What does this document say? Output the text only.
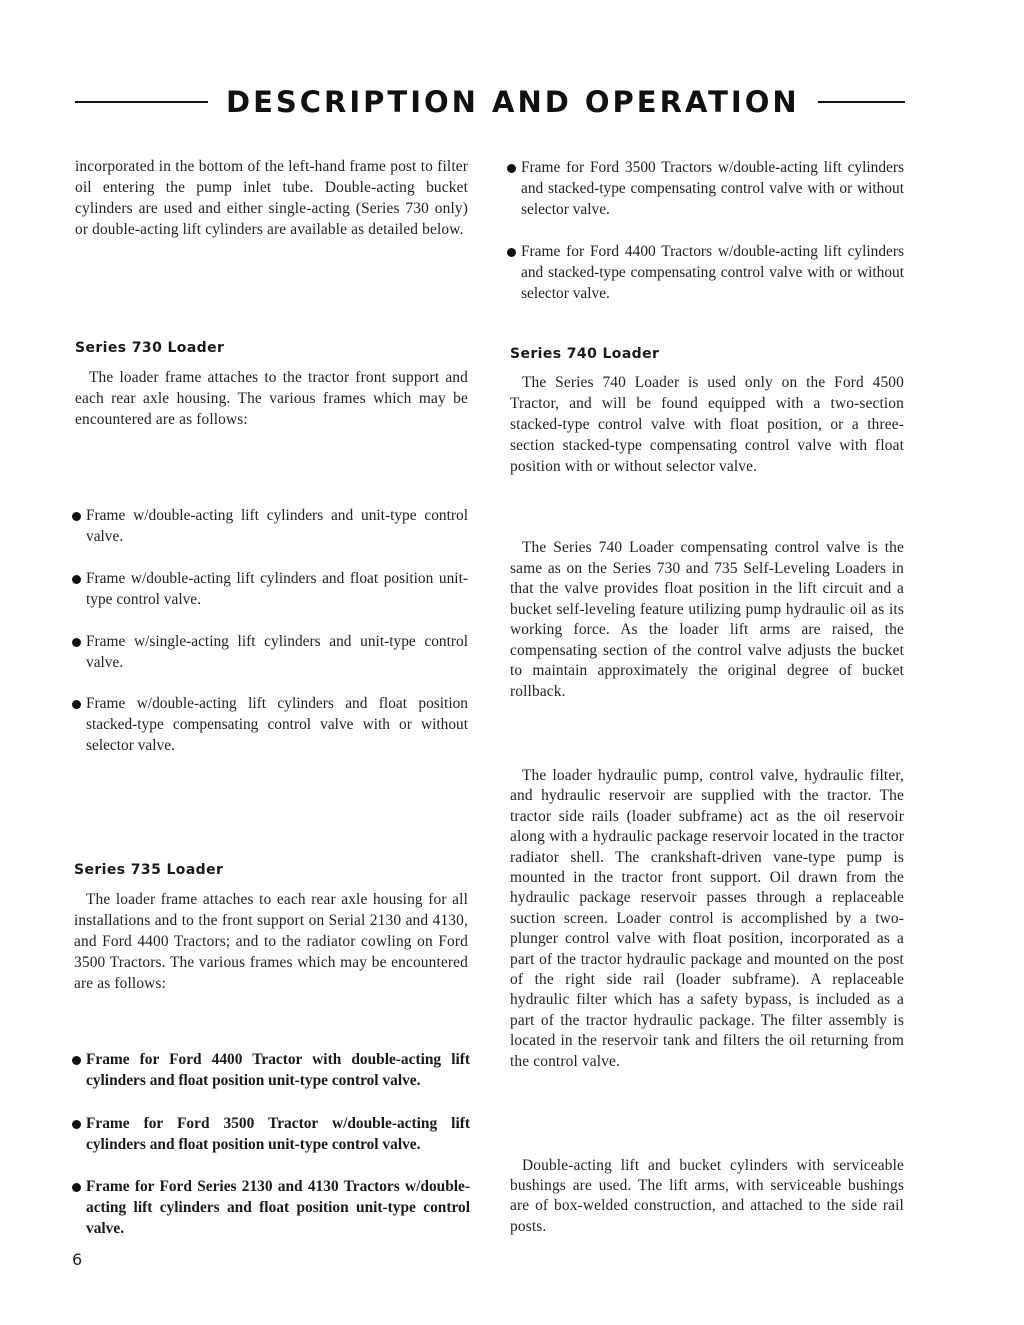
DESCRIPTION AND OPERATION
incorporated in the bottom of the left-hand frame post to filter oil entering the pump inlet tube. Double-acting bucket cylinders are used and either single-acting (Series 730 only) or double-acting lift cylinders are available as detailed below.
Series 730 Loader
The loader frame attaches to the tractor front support and each rear axle housing. The various frames which may be encountered are as follows:
Frame w/double-acting lift cylinders and unit-type control valve.
Frame w/double-acting lift cylinders and float position unit-type control valve.
Frame w/single-acting lift cylinders and unit-type control valve.
Frame w/double-acting lift cylinders and float position stacked-type compensating control valve with or without selector valve.
Series 735 Loader
The loader frame attaches to each rear axle housing for all installations and to the front support on Serial 2130 and 4130, and Ford 4400 Tractors; and to the radiator cowling on Ford 3500 Tractors. The various frames which may be encountered are as follows:
Frame for Ford 4400 Tractor with double-acting lift cylinders and float position unit-type control valve.
Frame for Ford 3500 Tractor w/double-acting lift cylinders and float position unit-type control valve.
Frame for Ford Series 2130 and 4130 Tractors w/double-acting lift cylinders and float position unit-type control valve.
Frame for Ford 3500 Tractors w/double-acting lift cylinders and stacked-type compensating control valve with or without selector valve.
Frame for Ford 4400 Tractors w/double-acting lift cylinders and stacked-type compensating control valve with or without selector valve.
Series 740 Loader
The Series 740 Loader is used only on the Ford 4500 Tractor, and will be found equipped with a two-section stacked-type control valve with float position, or a three-section stacked-type compensating control valve with float position with or without selector valve.
The Series 740 Loader compensating control valve is the same as on the Series 730 and 735 Self-Leveling Loaders in that the valve provides float position in the lift circuit and a bucket self-leveling feature utilizing pump hydraulic oil as its working force. As the loader lift arms are raised, the compensating section of the control valve adjusts the bucket to maintain approximately the original degree of bucket rollback.
The loader hydraulic pump, control valve, hydraulic filter, and hydraulic reservoir are supplied with the tractor. The tractor side rails (loader subframe) act as the oil reservoir along with a hydraulic package reservoir located in the tractor radiator shell. The crankshaft-driven vane-type pump is mounted in the tractor front support. Oil drawn from the hydraulic package reservoir passes through a replaceable suction screen. Loader control is accomplished by a two-plunger control valve with float position, incorporated as a part of the tractor hydraulic package and mounted on the post of the right side rail (loader subframe). A replaceable hydraulic filter which has a safety bypass, is included as a part of the tractor hydraulic package. The filter assembly is located in the reservoir tank and filters the oil returning from the control valve.
Double-acting lift and bucket cylinders with serviceable bushings are used. The lift arms, with serviceable bushings are of box-welded construction, and attached to the side rail posts.
6
